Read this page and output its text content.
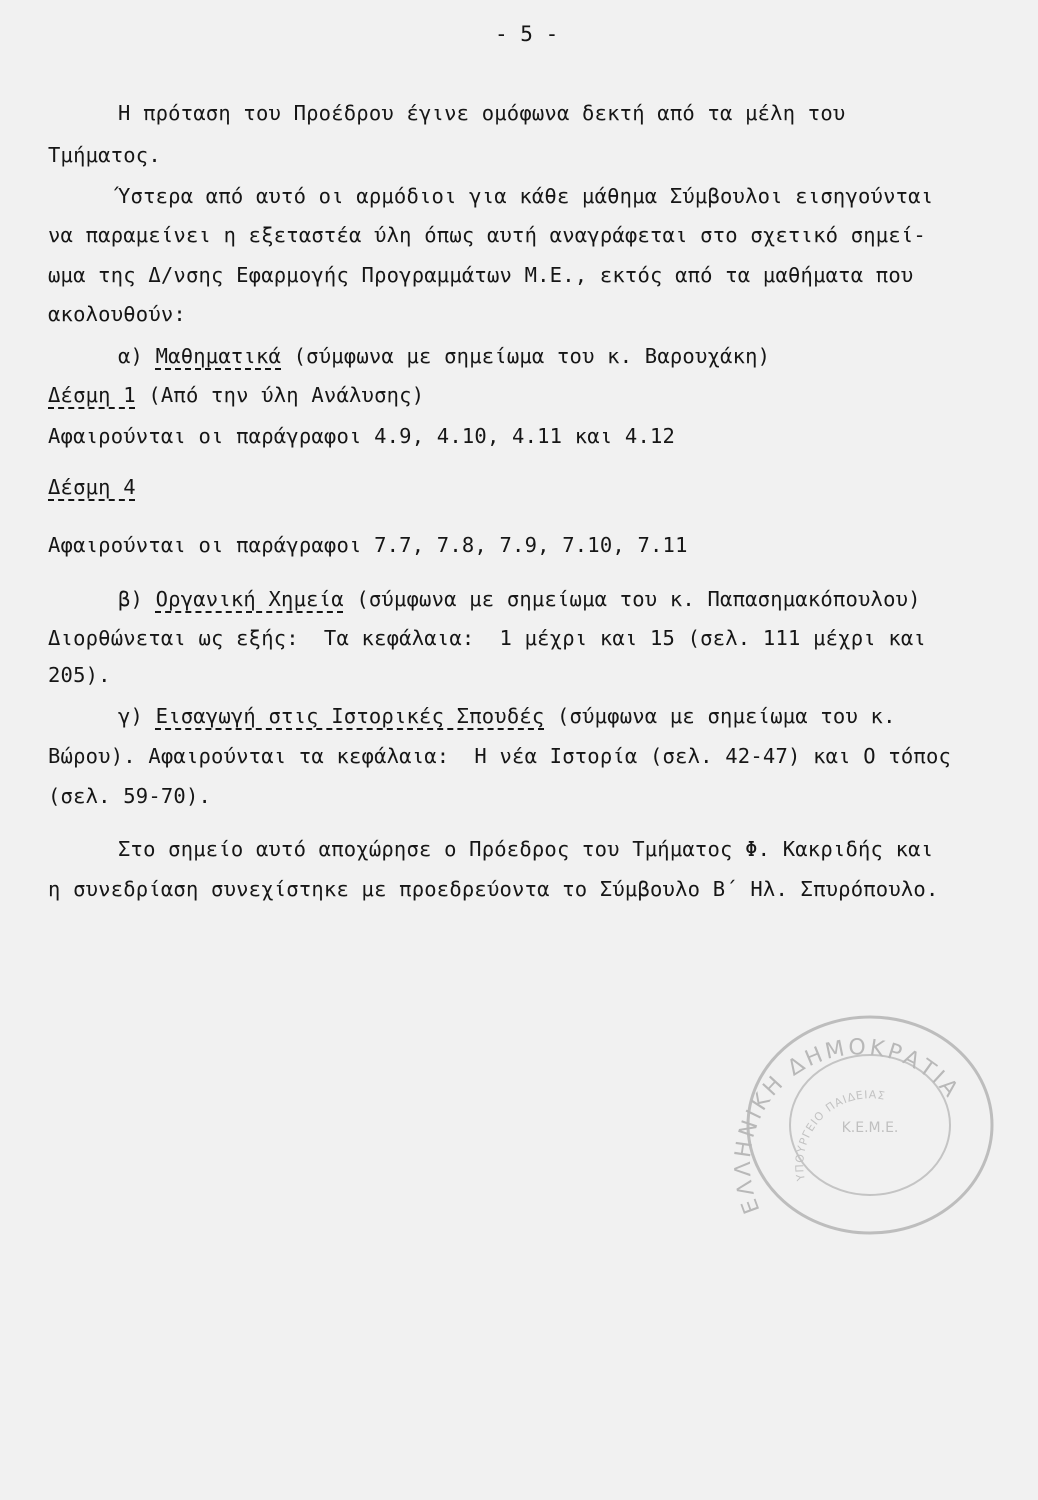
- 5 -
Η πρόταση του Προέδρου έγινε ομόφωνα δεκτή από τα μέλη του
Τμήματος.
Ύστερα από αυτό οι αρμόδιοι για κάθε μάθημα Σύμβουλοι εισηγούνται
να παραμείνει η εξεταστέα ύλη όπως αυτή αναγράφεται στο σχετικό σημεί-
ωμα της Δ/νσης Εφαρμογής Προγραμμάτων Μ.Ε., εκτός από τα μαθήματα που
ακολουθούν:
α) Μαθηματικά (σύμφωνα με σημείωμα του κ. Βαρουχάκη)
Δέσμη 1 (Από την ύλη Ανάλυσης)
Αφαιρούνται οι παράγραφοι 4.9, 4.10, 4.11 και 4.12
Δέσμη 4
Αφαιρούνται οι παράγραφοι 7.7, 7.8, 7.9, 7.10, 7.11
β) Οργανική Χημεία (σύμφωνα με σημείωμα του κ. Παπασημακόπουλου)
Διορθώνεται ως εξής:  Τα κεφάλαια:  1 μέχρι και 15 (σελ. 111 μέχρι και
205).
γ) Εισαγωγή στις Ιστορικές Σπουδές (σύμφωνα με σημείωμα του κ.
Βώρου). Αφαιρούνται τα κεφάλαια:  Η νέα Ιστορία (σελ. 42-47) και Ο τόπος
(σελ. 59-70).
Στο σημείο αυτό αποχώρησε ο Πρόεδρος του Τμήματος Φ. Κακριδής και
η συνεδρίαση συνεχίστηκε με προεδρεύοντα το Σύμβουλο Β΄ Ηλ. Σπυρόπουλο.
ΕΛΛΗΝΙΚΗ ΔΗΜΟΚΡΑΤΙΑ
ΥΠΟΥΡΓΕΙΟ ΠΑΙΔΕΙΑΣ
Κ.Ε.Μ.Ε.
